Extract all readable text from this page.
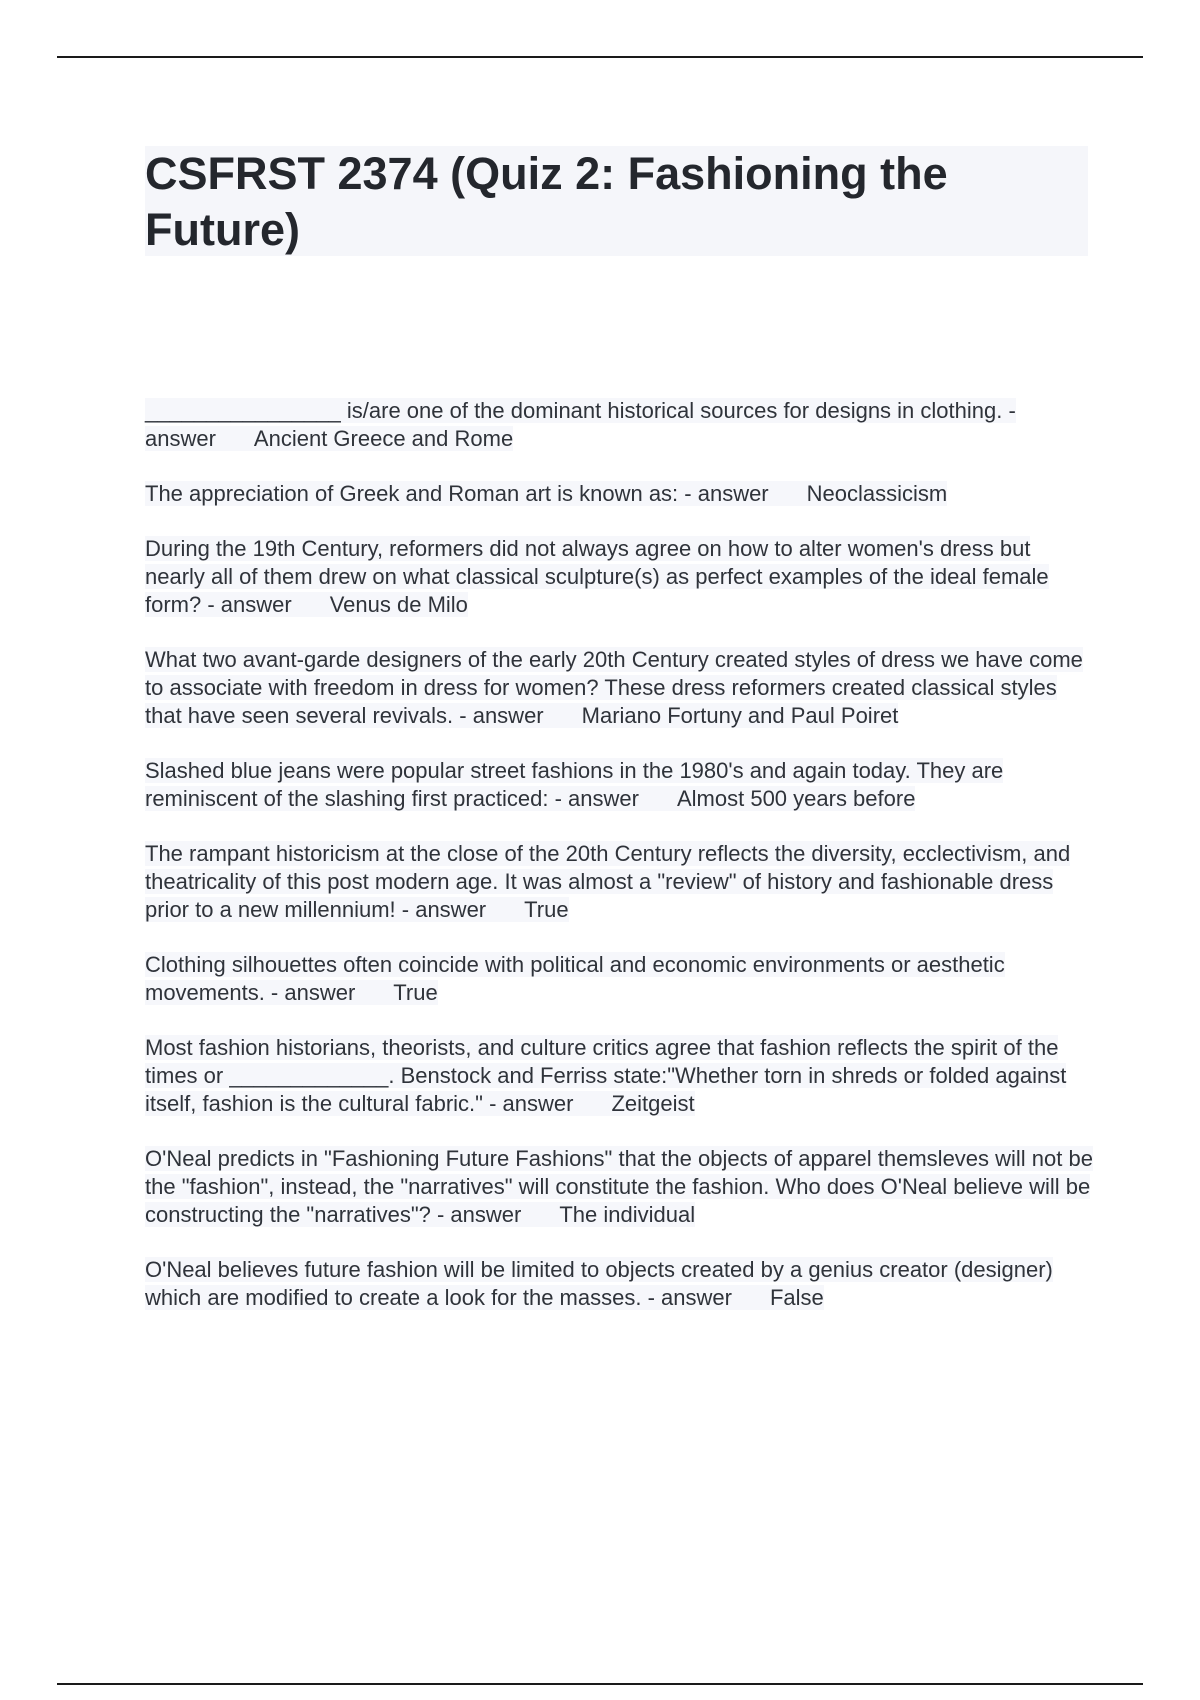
CSFRST 2374 (Quiz 2: Fashioning the Future)

________________ is/are one of the dominant historical sources for designs in clothing. - answer Ancient Greece and Rome

The appreciation of Greek and Roman art is known as: - answer Neoclassicism

During the 19th Century, reformers did not always agree on how to alter women's dress but nearly all of them drew on what classical sculpture(s) as perfect examples of the ideal female form? - answer Venus de Milo

What two avant-garde designers of the early 20th Century created styles of dress we have come to associate with freedom in dress for women? These dress reformers created classical styles that have seen several revivals. - answer Mariano Fortuny and Paul Poiret

Slashed blue jeans were popular street fashions in the 1980's and again today. They are reminiscent of the slashing first practiced: - answer Almost 500 years before

The rampant historicism at the close of the 20th Century reflects the diversity, ecclectivism, and theatricality of this post modern age. It was almost a "review" of history and fashionable dress prior to a new millennium! - answer True

Clothing silhouettes often coincide with political and economic environments or aesthetic movements. - answer True

Most fashion historians, theorists, and culture critics agree that fashion reflects the spirit of the times or _____________. Benstock and Ferriss state:"Whether torn in shreds or folded against itself, fashion is the cultural fabric." - answer Zeitgeist

O'Neal predicts in "Fashioning Future Fashions" that the objects of apparel themsleves will not be the "fashion", instead, the "narratives" will constitute the fashion. Who does O'Neal believe will be constructing the "narratives"? - answer The individual

O'Neal believes future fashion will be limited to objects created by a genius creator (designer) which are modified to create a look for the masses. - answer False
